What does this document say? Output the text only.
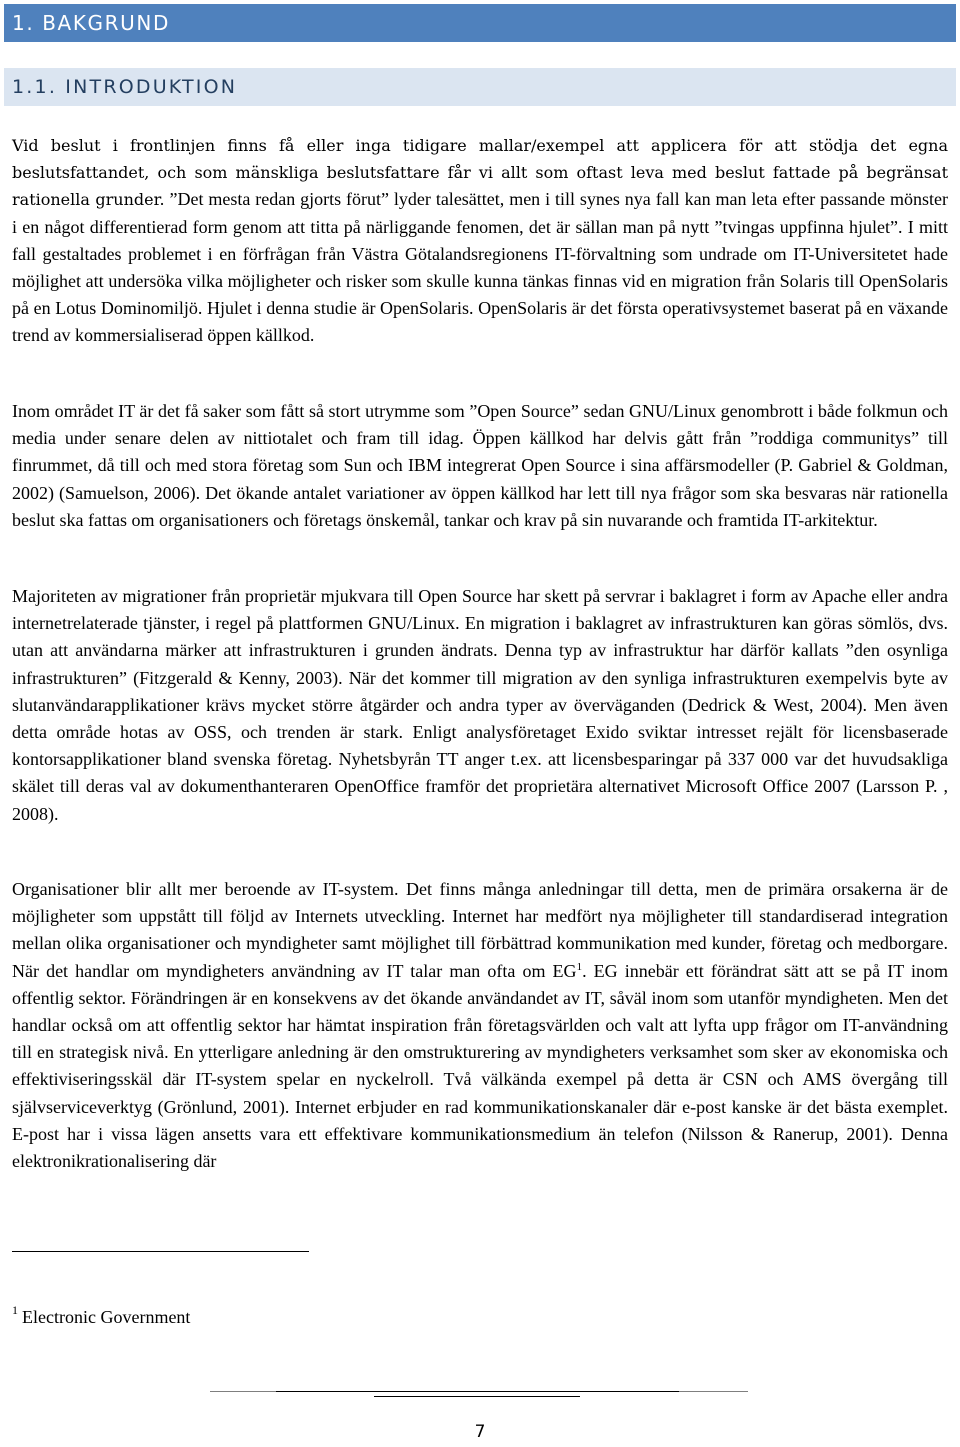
1. BAKGRUND
1.1. INTRODUKTION

Vid beslut i frontlinjen finns få eller inga tidigare mallar/exempel att applicera för att stödja det egna beslutsfattandet, och som mänskliga beslutsfattare får vi allt som oftast leva med beslut fattade på begränsat rationella grunder. ”Det mesta redan gjorts förut” lyder talesättet, men i till synes nya fall kan man leta efter passande mönster i en något differentierad form genom att titta på närliggande fenomen, det är sällan man på nytt ”tvingas uppfinna hjulet”. I mitt fall gestaltades problemet i en förfrågan från Västra Götalandsregionens IT-förvaltning som undrade om IT-Universitetet hade möjlighet att undersöka vilka möjligheter och risker som skulle kunna tänkas finnas vid en migration från Solaris till OpenSolaris på en Lotus Dominomiljö. Hjulet i denna studie är OpenSolaris. OpenSolaris är det första operativsystemet baserat på en växande trend av kommersialiserad öppen källkod.

Inom området IT är det få saker som fått så stort utrymme som ”Open Source” sedan GNU/Linux genombrott i både folkmun och media under senare delen av nittiotalet och fram till idag. Öppen källkod har delvis gått från ”roddiga communitys” till finrummet, då till och med stora företag som Sun och IBM integrerat Open Source i sina affärsmodeller (P. Gabriel & Goldman, 2002) (Samuelson, 2006). Det ökande antalet variationer av öppen källkod har lett till nya frågor som ska besvaras när rationella beslut ska fattas om organisationers och företags önskemål, tankar och krav på sin nuvarande och framtida IT-arkitektur.

Majoriteten av migrationer från proprietär mjukvara till Open Source har skett på servrar i baklagret i form av Apache eller andra internetrelaterade tjänster, i regel på plattformen GNU/Linux. En migration i baklagret av infrastrukturen kan göras sömlös, dvs. utan att användarna märker att infrastrukturen i grunden ändrats. Denna typ av infrastruktur har därför kallats ”den osynliga infrastrukturen” (Fitzgerald & Kenny, 2003). När det kommer till migration av den synliga infrastrukturen exempelvis byte av slutanvändarapplikationer krävs mycket större åtgärder och andra typer av överväganden (Dedrick & West, 2004). Men även detta område hotas av OSS, och trenden är stark. Enligt analysföretaget Exido sviktar intresset rejält för licensbaserade kontorsapplikationer bland svenska företag. Nyhetsbyrån TT anger t.ex. att licensbesparingar på 337 000 var det huvudsakliga skälet till deras val av dokumenthanteraren OpenOffice framför det proprietära alternativet Microsoft Office 2007 (Larsson P. , 2008).

Organisationer blir allt mer beroende av IT-system. Det finns många anledningar till detta, men de primära orsakerna är de möjligheter som uppstått till följd av Internets utveckling. Internet har medfört nya möjligheter till standardiserad integration mellan olika organisationer och myndigheter samt möjlighet till förbättrad kommunikation med kunder, företag och medborgare. När det handlar om myndigheters användning av IT talar man ofta om $EG^1$. EG innebär ett förändrat sätt att se på IT inom offentlig sektor. Förändringen är en konsekvens av det ökande användandet av IT, såväl inom som utanför myndigheten. Men det handlar också om att offentlig sektor har hämtat inspiration från företagsvärlden och valt att lyfta upp frågor om IT-användning till en strategisk nivå. En ytterligare anledning är den omstrukturering av myndigheters verksamhet som sker av ekonomiska och effektiviseringsskäl där IT-system spelar en nyckelroll. Två välkända exempel på detta är CSN och AMS övergång till självserviceverktyg (Grönlund, 2001). Internet erbjuder en rad kommunikationskanaler där e-post kanske är det bästa exemplet. E-post har i vissa lägen ansetts vara ett effektivare kommunikationsmedium än telefon (Nilsson & Ranerup, 2001). Denna elektronikrationalisering där

$^1$ Electronic Government
7
